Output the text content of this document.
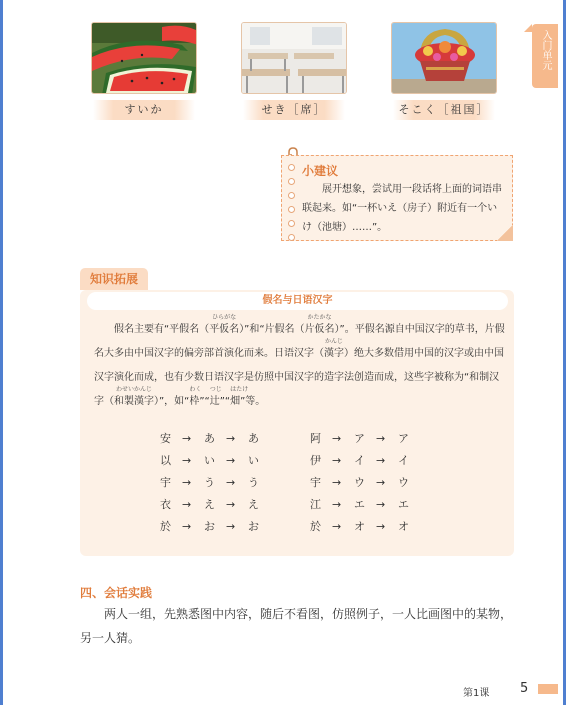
入门单元
すいか	せき［席］	そこく［祖国］
小建议
展开想象，尝试用一段话将上面的词语串联起来。如“一杯いえ（房子）附近有一个いけ（池塘）……”。
知识拓展
假名与日语汉字
假名主要有“平假名（
ひらがな
平仮名）”和“片假名（
かたかな
片仮名）”。平假名源自中国汉字的草书，片假名大多由中国汉字的偏旁部首演化而来。日语汉字（
かんじ
漢字）绝大多数借用中国的汉字或由中国汉字演化而成，也有少数日语汉字是仿照中国汉字的造字法创造而成，这些字被称为“和制汉字（
わせいかんじ
和製漢字）”，如“
わく
枠”“
つじ
辻”“
はたけ
畑”等。
安 → あ → あ	阿 → ア → ア
以 → い → い	伊 → イ → イ
宇 → う → う	宇 → ウ → ウ
衣 → え → え	江 → エ → エ
於 → お → お	於 → オ → オ
四、会话实践
两人一组，先熟悉图中内容，随后不看图，仿照例子，一人比画图中的某物，另一人猜。
第1课 5
